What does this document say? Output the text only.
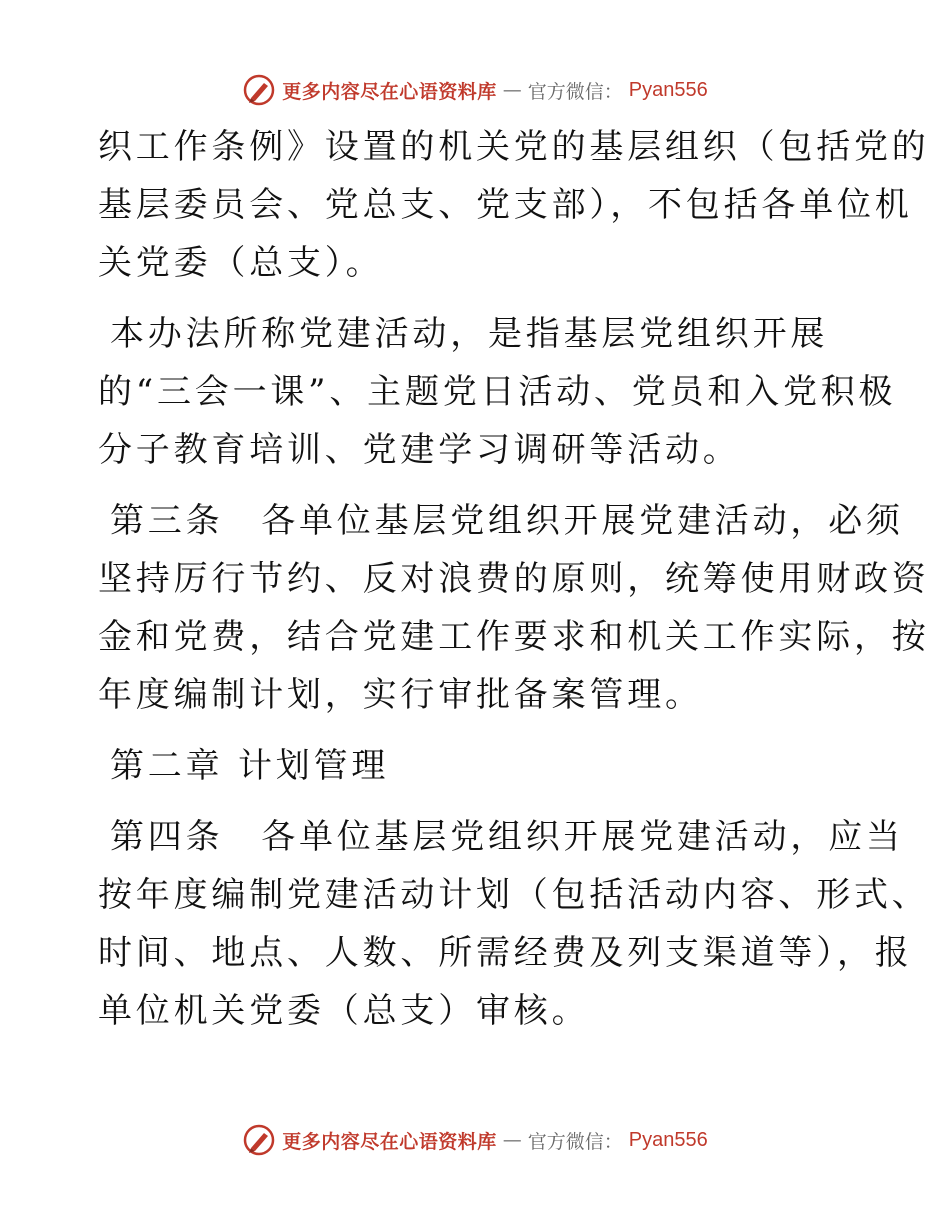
更多内容尽在心语资料库 — 官方微信： Pyan556
织工作条例》设置的机关党的基层组织（包括党的
基层委员会、党总支、党支部），不包括各单位机
关党委（总支）。
本办法所称党建活动，是指基层党组织开展
的“三会一课”、主题党日活动、党员和入党积极
分子教育培训、党建学习调研等活动。
第三条　各单位基层党组织开展党建活动，必须
坚持厉行节约、反对浪费的原则，统筹使用财政资
金和党费，结合党建工作要求和机关工作实际，按
年度编制计划，实行审批备案管理。
第二章 计划管理
第四条　各单位基层党组织开展党建活动，应当
按年度编制党建活动计划（包括活动内容、形式、
时间、地点、人数、所需经费及列支渠道等），报
单位机关党委（总支）审核。
更多内容尽在心语资料库 — 官方微信： Pyan556
